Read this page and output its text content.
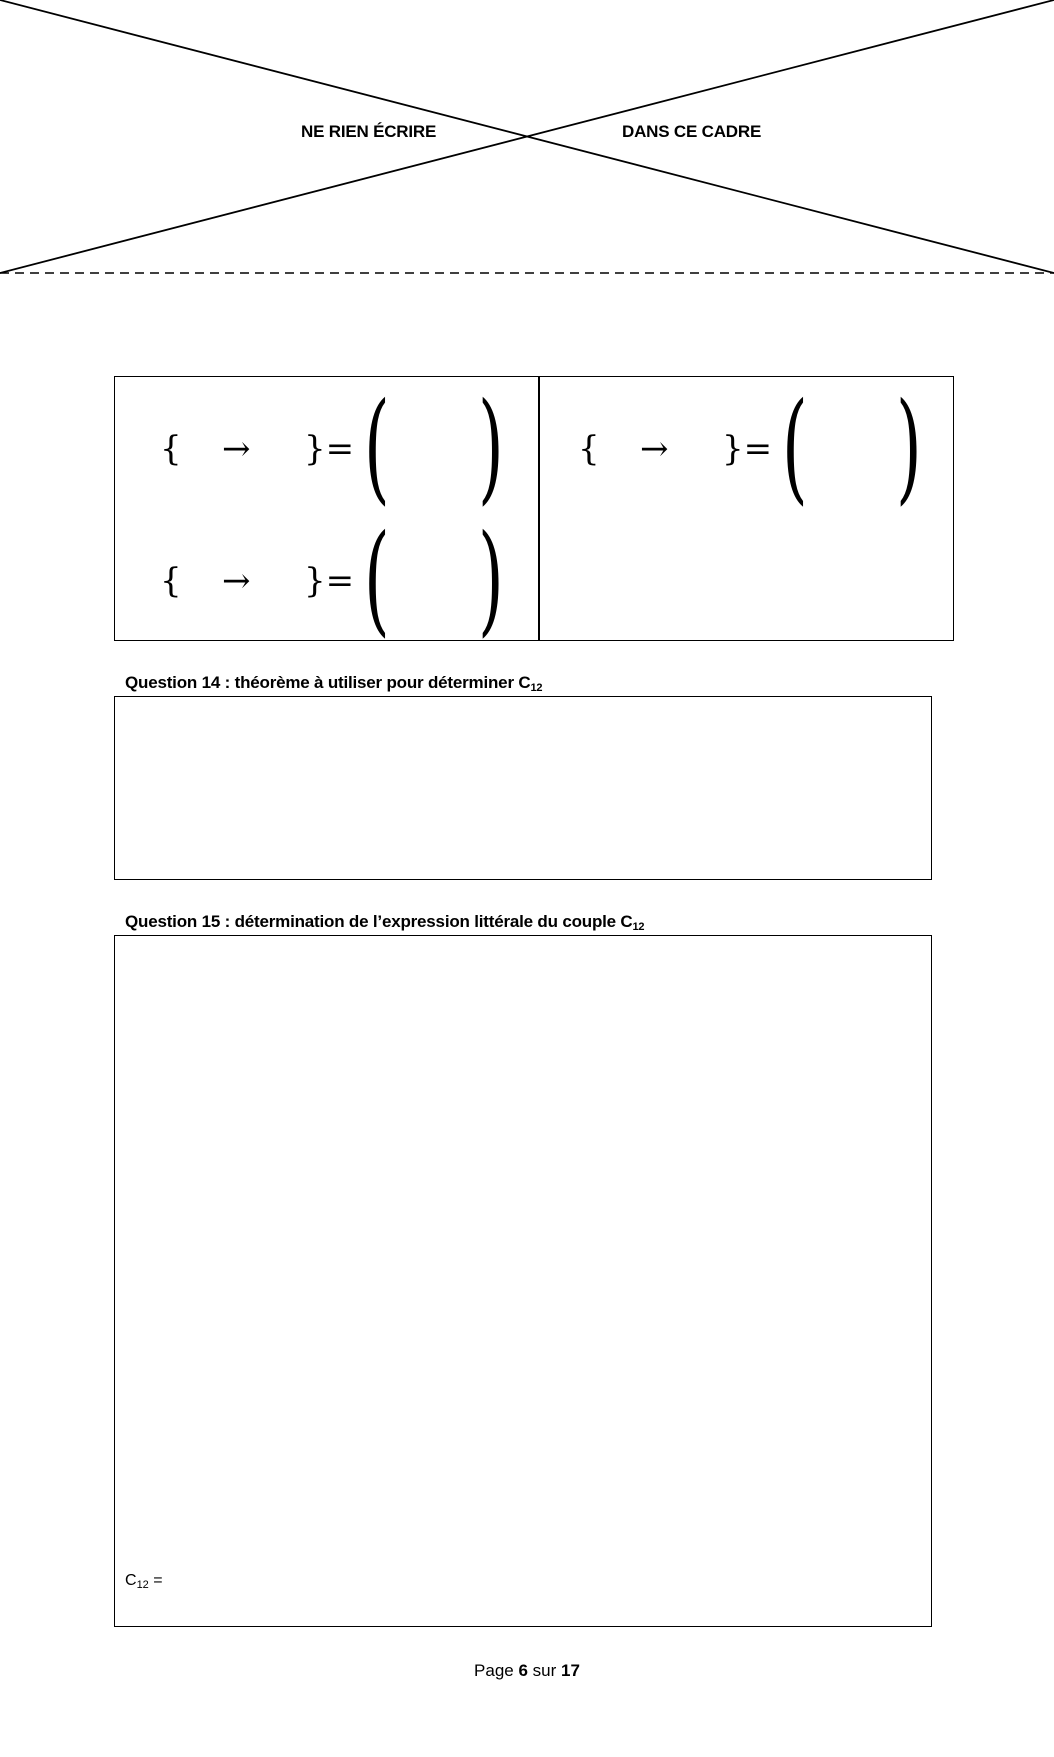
NE RIEN ÉCRIRE	DANS CE CADRE
{ → }= ( ) { → }= ( )
{ → }= ( )
Question 14 : théorème à utiliser pour déterminer $C_{12}$
Question 15 : détermination de l’expression littérale du couple $C_{12}$
$C_{12}$ =
Page 6 sur 17
